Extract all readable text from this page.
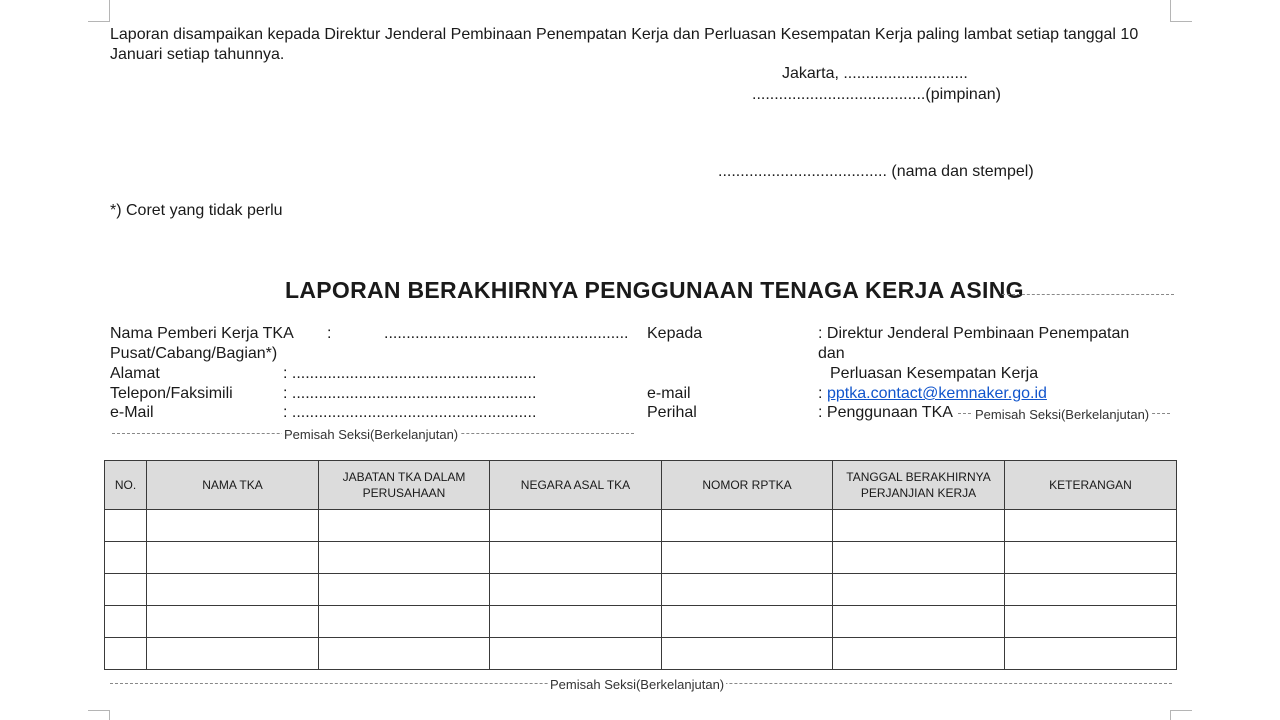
Laporan disampaikan kepada Direktur Jenderal Pembinaan Penempatan Kerja dan Perluasan Kesempatan Kerja paling lambat setiap tanggal 10 Januari setiap tahunnya.
Jakarta, ............................
.......................................(pimpinan)
...................................... (nama dan stempel)
*) Coret yang tidak perlu
LAPORAN BERAKHIRNYA PENGGUNAAN TENAGA KERJA ASING
Nama Pemberi Kerja TKA :	.......................................................
Pusat/Cabang/Bagian*)
Alamat	: .......................................................
Telepon/Faksimili	: .......................................................
e-Mail	: .......................................................
Kepada	: Direktur Jenderal Pembinaan Penempatan
dan
Perluasan Kesempatan Kerja
e-mail	: pptka.contact@kemnaker.go.id
Perihal	: Penggunaan TKA Pemisah Seksi(Berkelanjutan)
Pemisah Seksi(Berkelanjutan)
NO.	NAMA TKA	JABATAN TKA DALAM PERUSAHAAN	NEGARA ASAL TKA	NOMOR RPTKA	TANGGAL BERAKHIRNYA PERJANJIAN KERJA	KETERANGAN

Pemisah Seksi(Berkelanjutan)
